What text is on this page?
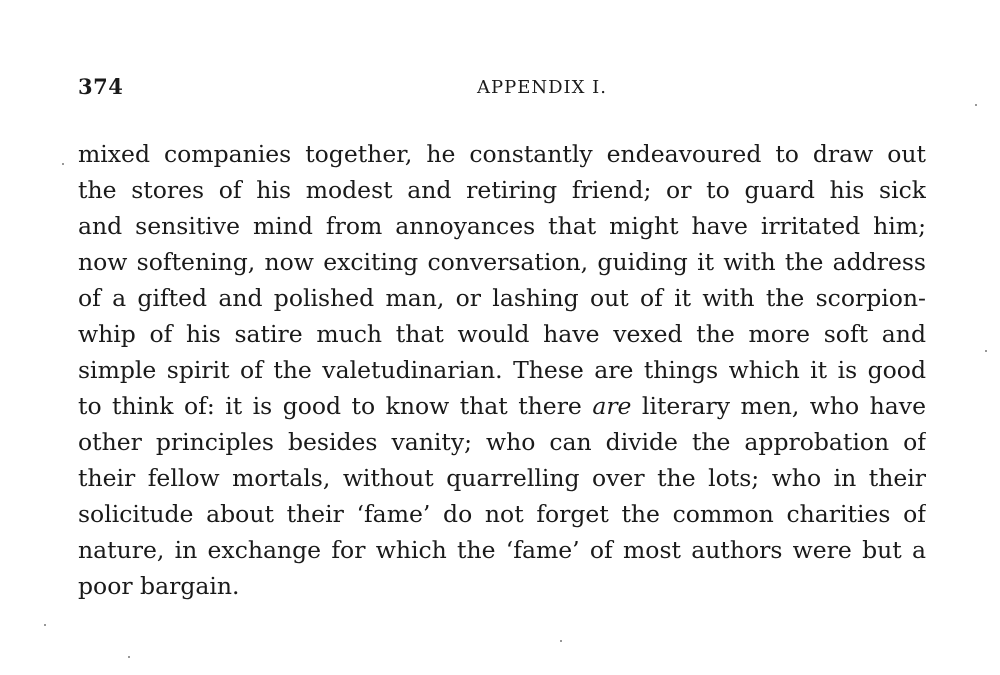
374	APPENDIX I.
mixed companies together, he constantly endeavoured to draw out
the stores of his modest and retiring friend; or to guard his sick
and sensitive mind from annoyances that might have irritated him;
now softening, now exciting conversation, guiding it with the address
of a gifted and polished man, or lashing out of it with the scorpion-
whip of his satire much that would have vexed the more soft and
simple spirit of the valetudinarian. These are things which it is good
to think of: it is good to know that there are literary men, who have
other principles besides vanity; who can divide the approbation of
their fellow mortals, without quarrelling over the lots; who in their
solicitude about their ‘fame’ do not forget the common charities of
nature, in exchange for which the ‘fame’ of most authors were but a
poor bargain.
